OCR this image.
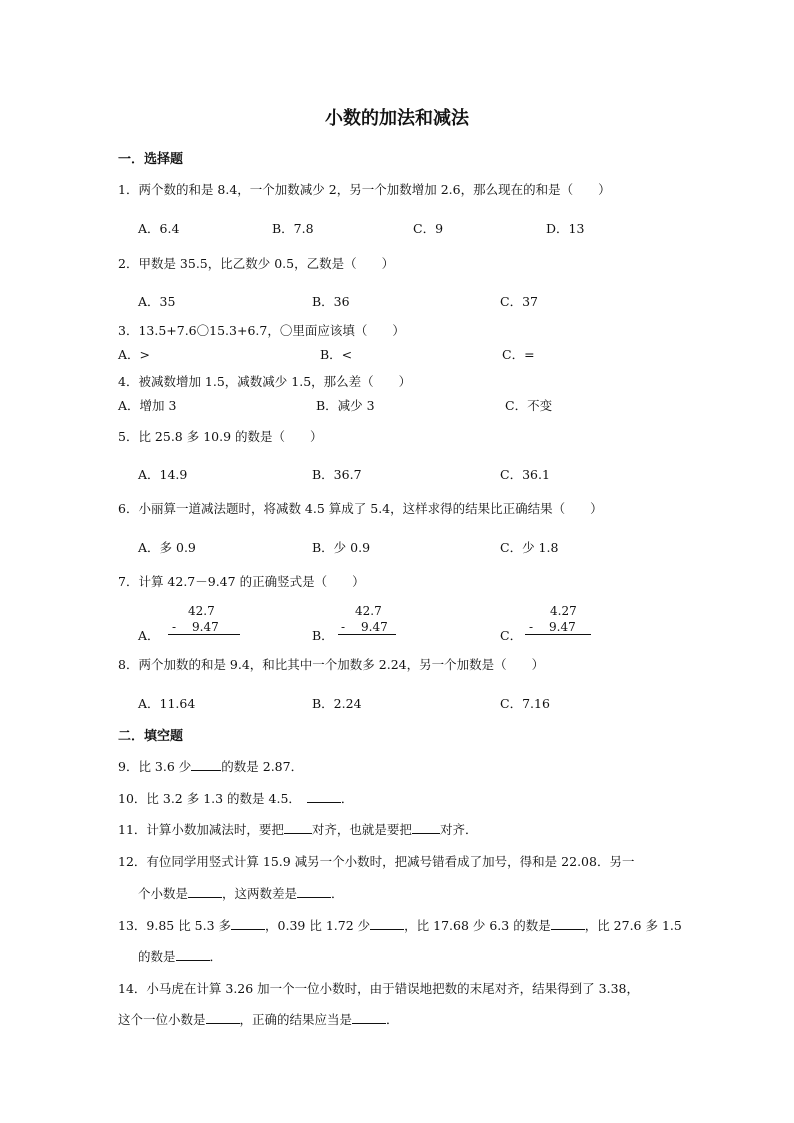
小数的加法和减法
一．选择题
1．两个数的和是 8.4，一个加数减少 2，另一个加数增加 2.6，那么现在的和是（　　）
A．6.4	B．7.8	C．9	D．13
2．甲数是 35.5，比乙数少 0.5，乙数是（　　）
A．35	B．36	C．37
3．13.5+7.6〇15.3+6.7，〇里面应该填（　　）
A．>	B．<	C．=
4．被减数增加 1.5，减数减少 1.5，那么差（　　）
A．增加 3	B．减少 3	C．不变
5．比 25.8 多 10.9 的数是（　　）
A．14.9	B．36.7	C．36.1
6．小丽算一道减法题时，将减数 4.5 算成了 5.4，这样求得的结果比正确结果（　　）
A．多 0.9	B．少 0.9	C．少 1.8
7．计算 42.7－9.47 的正确竖式是（　　）
A．
42.7
- 9.47
B．
42.7
- 9.47
C．
4.27
- 9.47
8．两个加数的和是 9.4，和比其中一个加数多 2.24，另一个加数是（　　）
A．11.64	B．2.24	C．7.16
二．填空题
9．比 3.6 少 的数是 2.87．
10．比 3.2 多 1.3 的数是 4.5．	．
11．计算小数加减法时，要把 对齐，也就是要把 对齐．
12．有位同学用竖式计算 15.9 减另一个小数时，把减号错看成了加号，得和是 22.08．另一
个小数是	，这两数差是	．
13．9.85 比 5.3 多	，0.39 比 1.72 少	，比 17.68 少 6.3 的数是	，比 27.6 多 1.5
的数是	．
14．小马虎在计算 3.26 加一个一位小数时，由于错误地把数的末尾对齐，结果得到了 3.38，
这个一位小数是	，正确的结果应当是	．
